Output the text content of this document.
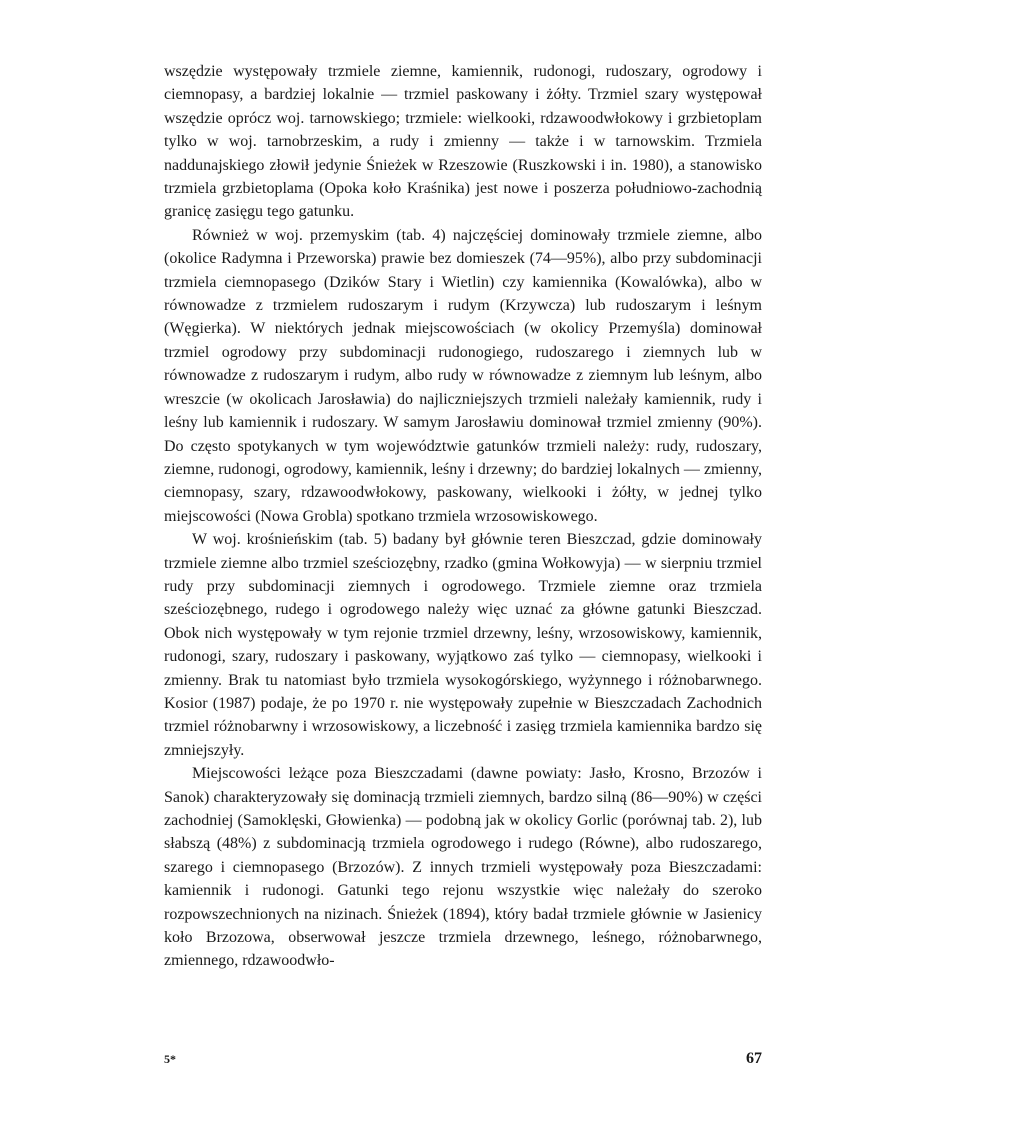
wszędzie występowały trzmiele ziemne, kamiennik, rudonogi, rudoszary, ogrodowy i ciemnopasy, a bardziej lokalnie — trzmiel paskowany i żółty. Trzmiel szary występował wszędzie oprócz woj. tarnowskiego; trzmiele: wielkooki, rdzawoodwłokowy i grzbietoplam tylko w woj. tarnobrzeskim, a rudy i zmienny — także i w tarnowskim. Trzmiela naddunajskiego złowił jedynie Śnieżek w Rzeszowie (Ruszkowski i in. 1980), a stanowisko trzmiela grzbietoplama (Opoka koło Kraśnika) jest nowe i poszerza południowo-zachodnią granicę zasięgu tego gatunku.

Również w woj. przemyskim (tab. 4) najczęściej dominowały trzmiele ziemne, albo (okolice Radymna i Przeworska) prawie bez domieszek (74—95%), albo przy subdominacji trzmiela ciemnopasego (Dzików Stary i Wietlin) czy kamiennika (Kowalówka), albo w równowadze z trzmielem rudoszarym i rudym (Krzywcza) lub rudoszarym i leśnym (Węgierka). W niektórych jednak miejscowościach (w okolicy Przemyśla) dominował trzmiel ogrodowy przy subdominacji rudonogiego, rudoszarego i ziemnych lub w równowadze z rudoszarym i rudym, albo rudy w równowadze z ziemnym lub leśnym, albo wreszcie (w okolicach Jarosławia) do najliczniejszych trzmieli należały kamiennik, rudy i leśny lub kamiennik i rudoszary. W samym Jarosławiu dominował trzmiel zmienny (90%). Do często spotykanych w tym województwie gatunków trzmieli należy: rudy, rudoszary, ziemne, rudonogi, ogrodowy, kamiennik, leśny i drzewny; do bardziej lokalnych — zmienny, ciemnopasy, szary, rdzawoodwłokowy, paskowany, wielkooki i żółty, w jednej tylko miejscowości (Nowa Grobla) spotkano trzmiela wrzosowiskowego.

W woj. krośnieńskim (tab. 5) badany był głównie teren Bieszczad, gdzie dominowały trzmiele ziemne albo trzmiel sześciozębny, rzadko (gmina Wołkowyja) — w sierpniu trzmiel rudy przy subdominacji ziemnych i ogrodowego. Trzmiele ziemne oraz trzmiela sześciozębnego, rudego i ogrodowego należy więc uznać za główne gatunki Bieszczad. Obok nich występowały w tym rejonie trzmiel drzewny, leśny, wrzosowiskowy, kamiennik, rudonogi, szary, rudoszary i paskowany, wyjątkowo zaś tylko — ciemnopasy, wielkooki i zmienny. Brak tu natomiast było trzmiela wysokogórskiego, wyżynnego i różnobarwnego. Kosior (1987) podaje, że po 1970 r. nie występowały zupełnie w Bieszczadach Zachodnich trzmiel różnobarwny i wrzosowiskowy, a liczebność i zasięg trzmiela kamiennika bardzo się zmniejszyły.

Miejscowości leżące poza Bieszczadami (dawne powiaty: Jasło, Krosno, Brzozów i Sanok) charakteryzowały się dominacją trzmieli ziemnych, bardzo silną (86—90%) w części zachodniej (Samoklęski, Głowienka) — podobną jak w okolicy Gorlic (porównaj tab. 2), lub słabszą (48%) z subdominacją trzmiela ogrodowego i rudego (Równe), albo rudoszarego, szarego i ciemnopasego (Brzozów). Z innych trzmieli występowały poza Bieszczadami: kamiennik i rudonogi. Gatunki tego rejonu wszystkie więc należały do szeroko rozpowszechnionych na nizinach. Śnieżek (1894), który badał trzmiele głównie w Jasienicy koło Brzozowa, obserwował jeszcze trzmiela drzewnego, leśnego, różnobarwnego, zmiennego, rdzawoodwło-

5*	67
